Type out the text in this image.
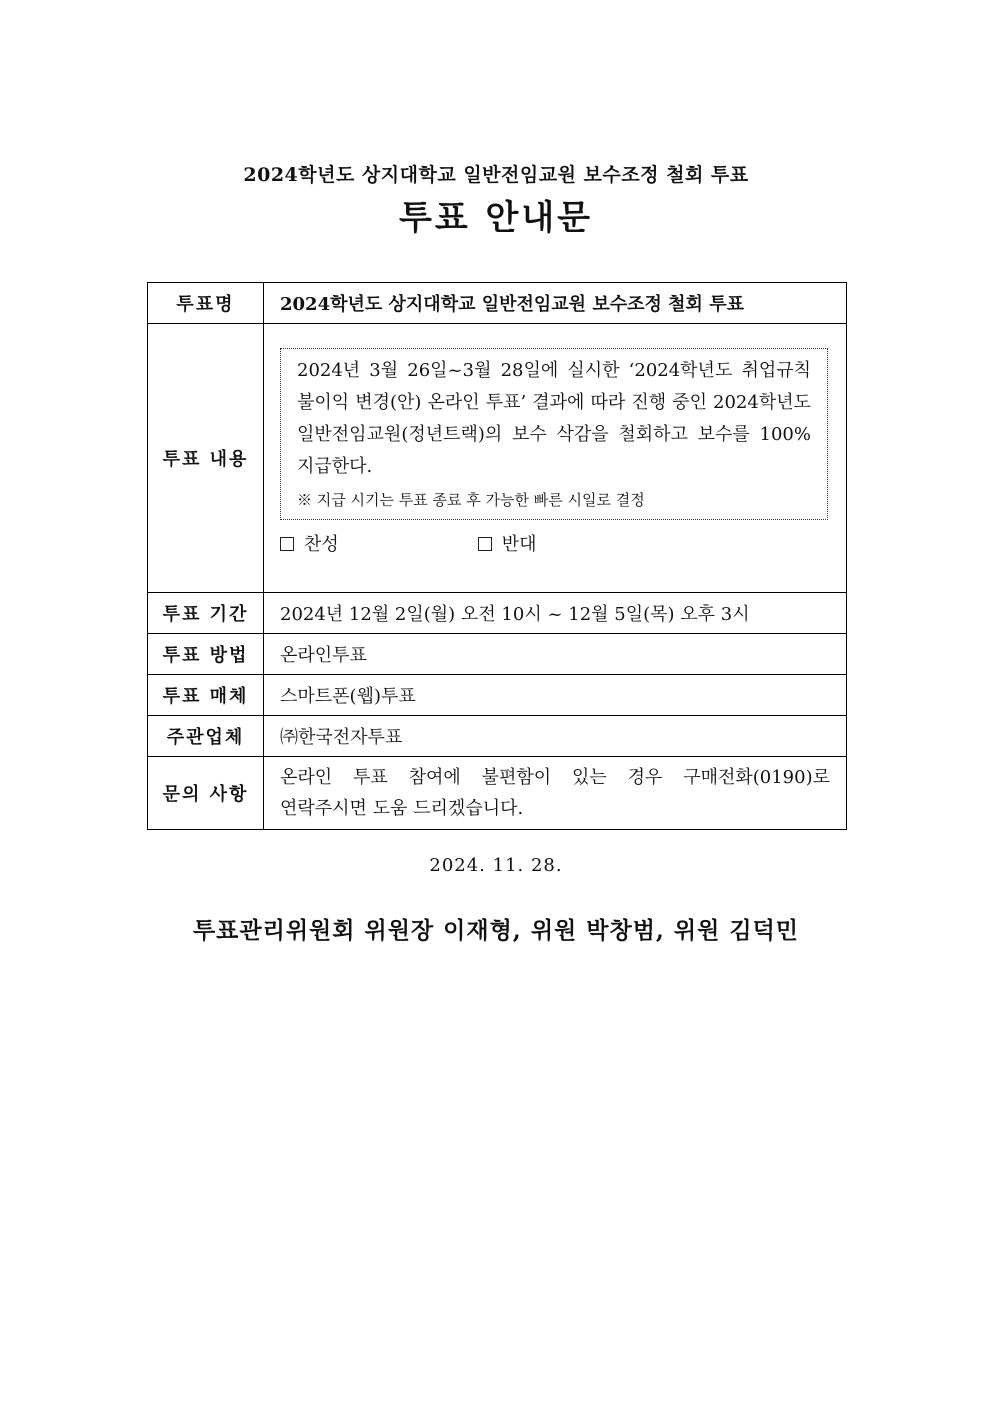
2024학년도 상지대학교 일반전임교원 보수조정 철회 투표
투표 안내문
투표명	2024학년도 상지대학교 일반전임교원 보수조정 철회 투표
투표 내용	2024년 3월 26일~3월 28일에 실시한 ‘2024학년도 취업규칙 불이익 변경(안) 온라인 투표’ 결과에 따라 진행 중인 2024학년도 일반전임교원(정년트랙)의 보수 삭감을 철회하고 보수를 100% 지급한다.
※ 지급 시기는 투표 종료 후 가능한 빠른 시일로 결정
찬성 반대

투표 기간	2024년 12월 2일(월) 오전 10시 ~ 12월 5일(목) 오후 3시
투표 방법	온라인투표
투표 매체	스마트폰(웹)투표
주관업체	㈜한국전자투표
문의 사항	온라인 투표 참여에 불편함이 있는 경우 구매전화(0190)로 연락주시면 도움 드리겠습니다.
2024. 11. 28.
투표관리위원회 위원장 이재형, 위원 박창범, 위원 김덕민
